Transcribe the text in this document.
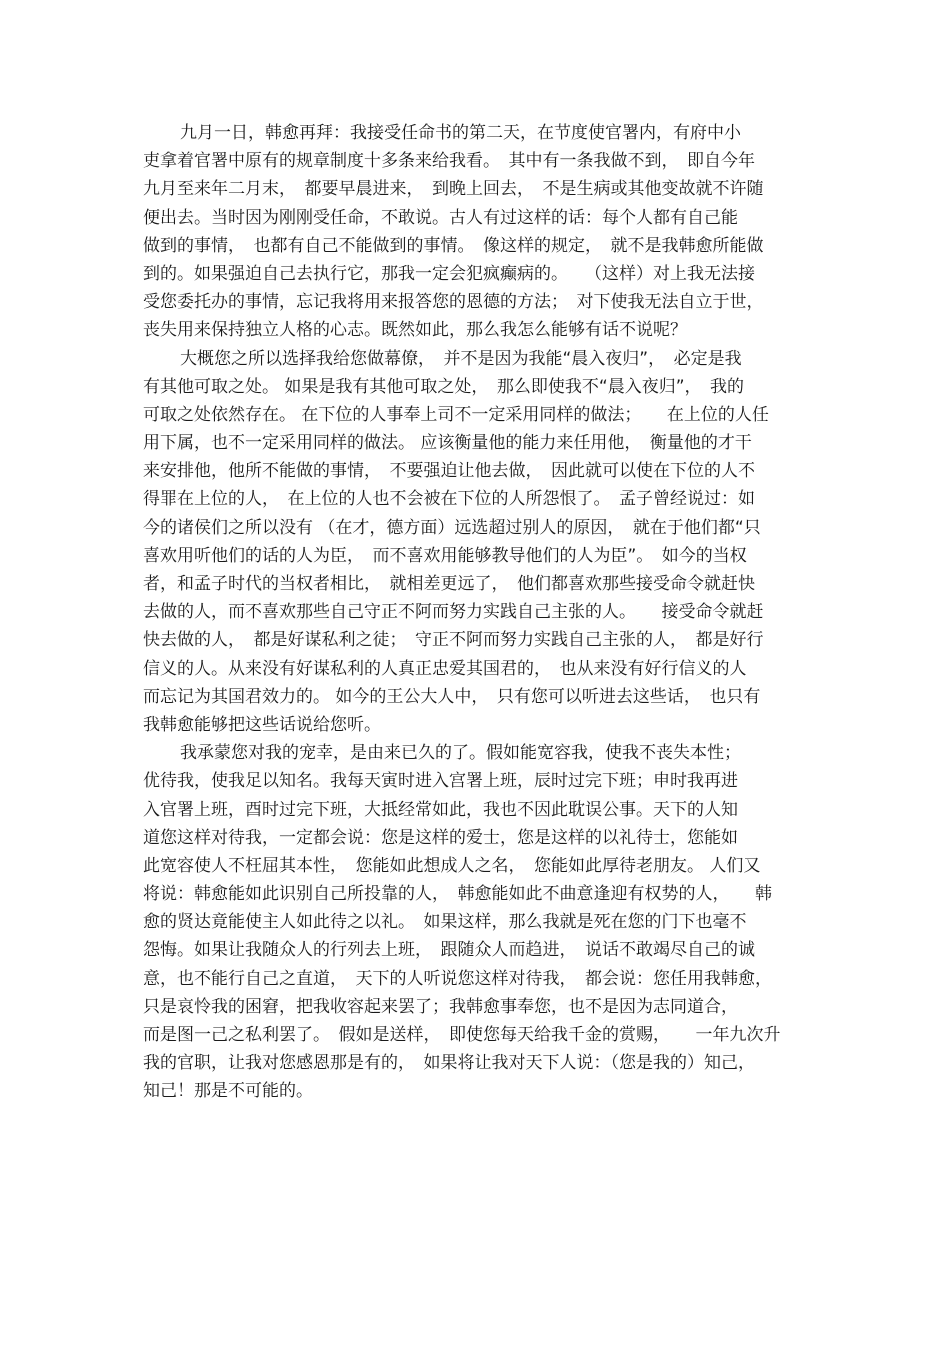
九月一日，韩愈再拜：我接受任命书的第二天，在节度使官署内，有府中小
吏拿着官署中原有的规章制度十多条来给我看。　其中有一条我做不到，　即自今年
九月至来年二月末，　都要早晨进来，　到晚上回去，　不是生病或其他变故就不许随
便出去。当时因为刚刚受任命，不敢说。古人有过这样的话：每个人都有自己能
做到的事情，　也都有自己不能做到的事情。　像这样的规定，　就不是我韩愈所能做
到的。如果强迫自己去执行它，那我一定会犯疯癫病的。　　（这样）对上我无法接
受您委托办的事情，忘记我将用来报答您的恩德的方法；　对下使我无法自立于世，
丧失用来保持独立人格的心志。既然如此，那么我怎么能够有话不说呢？
大概您之所以选择我给您做幕僚，　并不是因为我能“晨入夜归”，　必定是我
有其他可取之处。 如果是我有其他可取之处，　那么即使我不“晨入夜归”，　我的
可取之处依然存在。 在下位的人事奉上司不一定采用同样的做法；　　在上位的人任
用下属，也不一定采用同样的做法。 应该衡量他的能力来任用他，　衡量他的才干
来安排他，他所不能做的事情，　不要强迫让他去做，　因此就可以使在下位的人不
得罪在上位的人，　在上位的人也不会被在下位的人所怨恨了。　孟子曾经说过：如
今的诸侯们之所以没有 （在才，德方面）远选超过别人的原因，　就在于他们都“只
喜欢用听他们的话的人为臣，　而不喜欢用能够教导他们的人为臣”。　如今的当权
者，和孟子时代的当权者相比，　就相差更远了，　他们都喜欢那些接受命令就赶快
去做的人，而不喜欢那些自己守正不阿而努力实践自己主张的人。　　接受命令就赶
快去做的人，　都是好谋私利之徒；　守正不阿而努力实践自己主张的人，　都是好行
信义的人。从来没有好谋私利的人真正忠爱其国君的，　也从来没有好行信义的人
而忘记为其国君效力的。 如今的王公大人中，　只有您可以听进去这些话，　也只有
我韩愈能够把这些话说给您听。
我承蒙您对我的宠幸，是由来已久的了。假如能宽容我，使我不丧失本性；
优待我，使我足以知名。我每天寅时进入宫署上班，辰时过完下班；申时我再进
入官署上班，酉时过完下班，大抵经常如此，我也不因此耽误公事。天下的人知
道您这样对待我，一定都会说：您是这样的爱士，您是这样的以礼待士，您能如
此宽容使人不枉屈其本性，　您能如此想成人之名，　您能如此厚待老朋友。 人们又
将说：韩愈能如此识别自己所投靠的人，　韩愈能如此不曲意逢迎有权势的人，　　韩
愈的贤达竟能使主人如此待之以礼。　如果这样，那么我就是死在您的门下也毫不
怨悔。如果让我随众人的行列去上班，　跟随众人而趋进，　说话不敢竭尽自己的诚
意，也不能行自己之直道，　天下的人听说您这样对待我，　都会说：您任用我韩愈，
只是哀怜我的困窘，把我收容起来罢了；我韩愈事奉您，也不是因为志同道合，
而是图一己之私利罢了。　假如是送样，　即使您每天给我千金的赏赐，　　一年九次升
我的官职，让我对您感恩那是有的，　如果将让我对天下人说：（您是我的）知己，
知己！那是不可能的。
